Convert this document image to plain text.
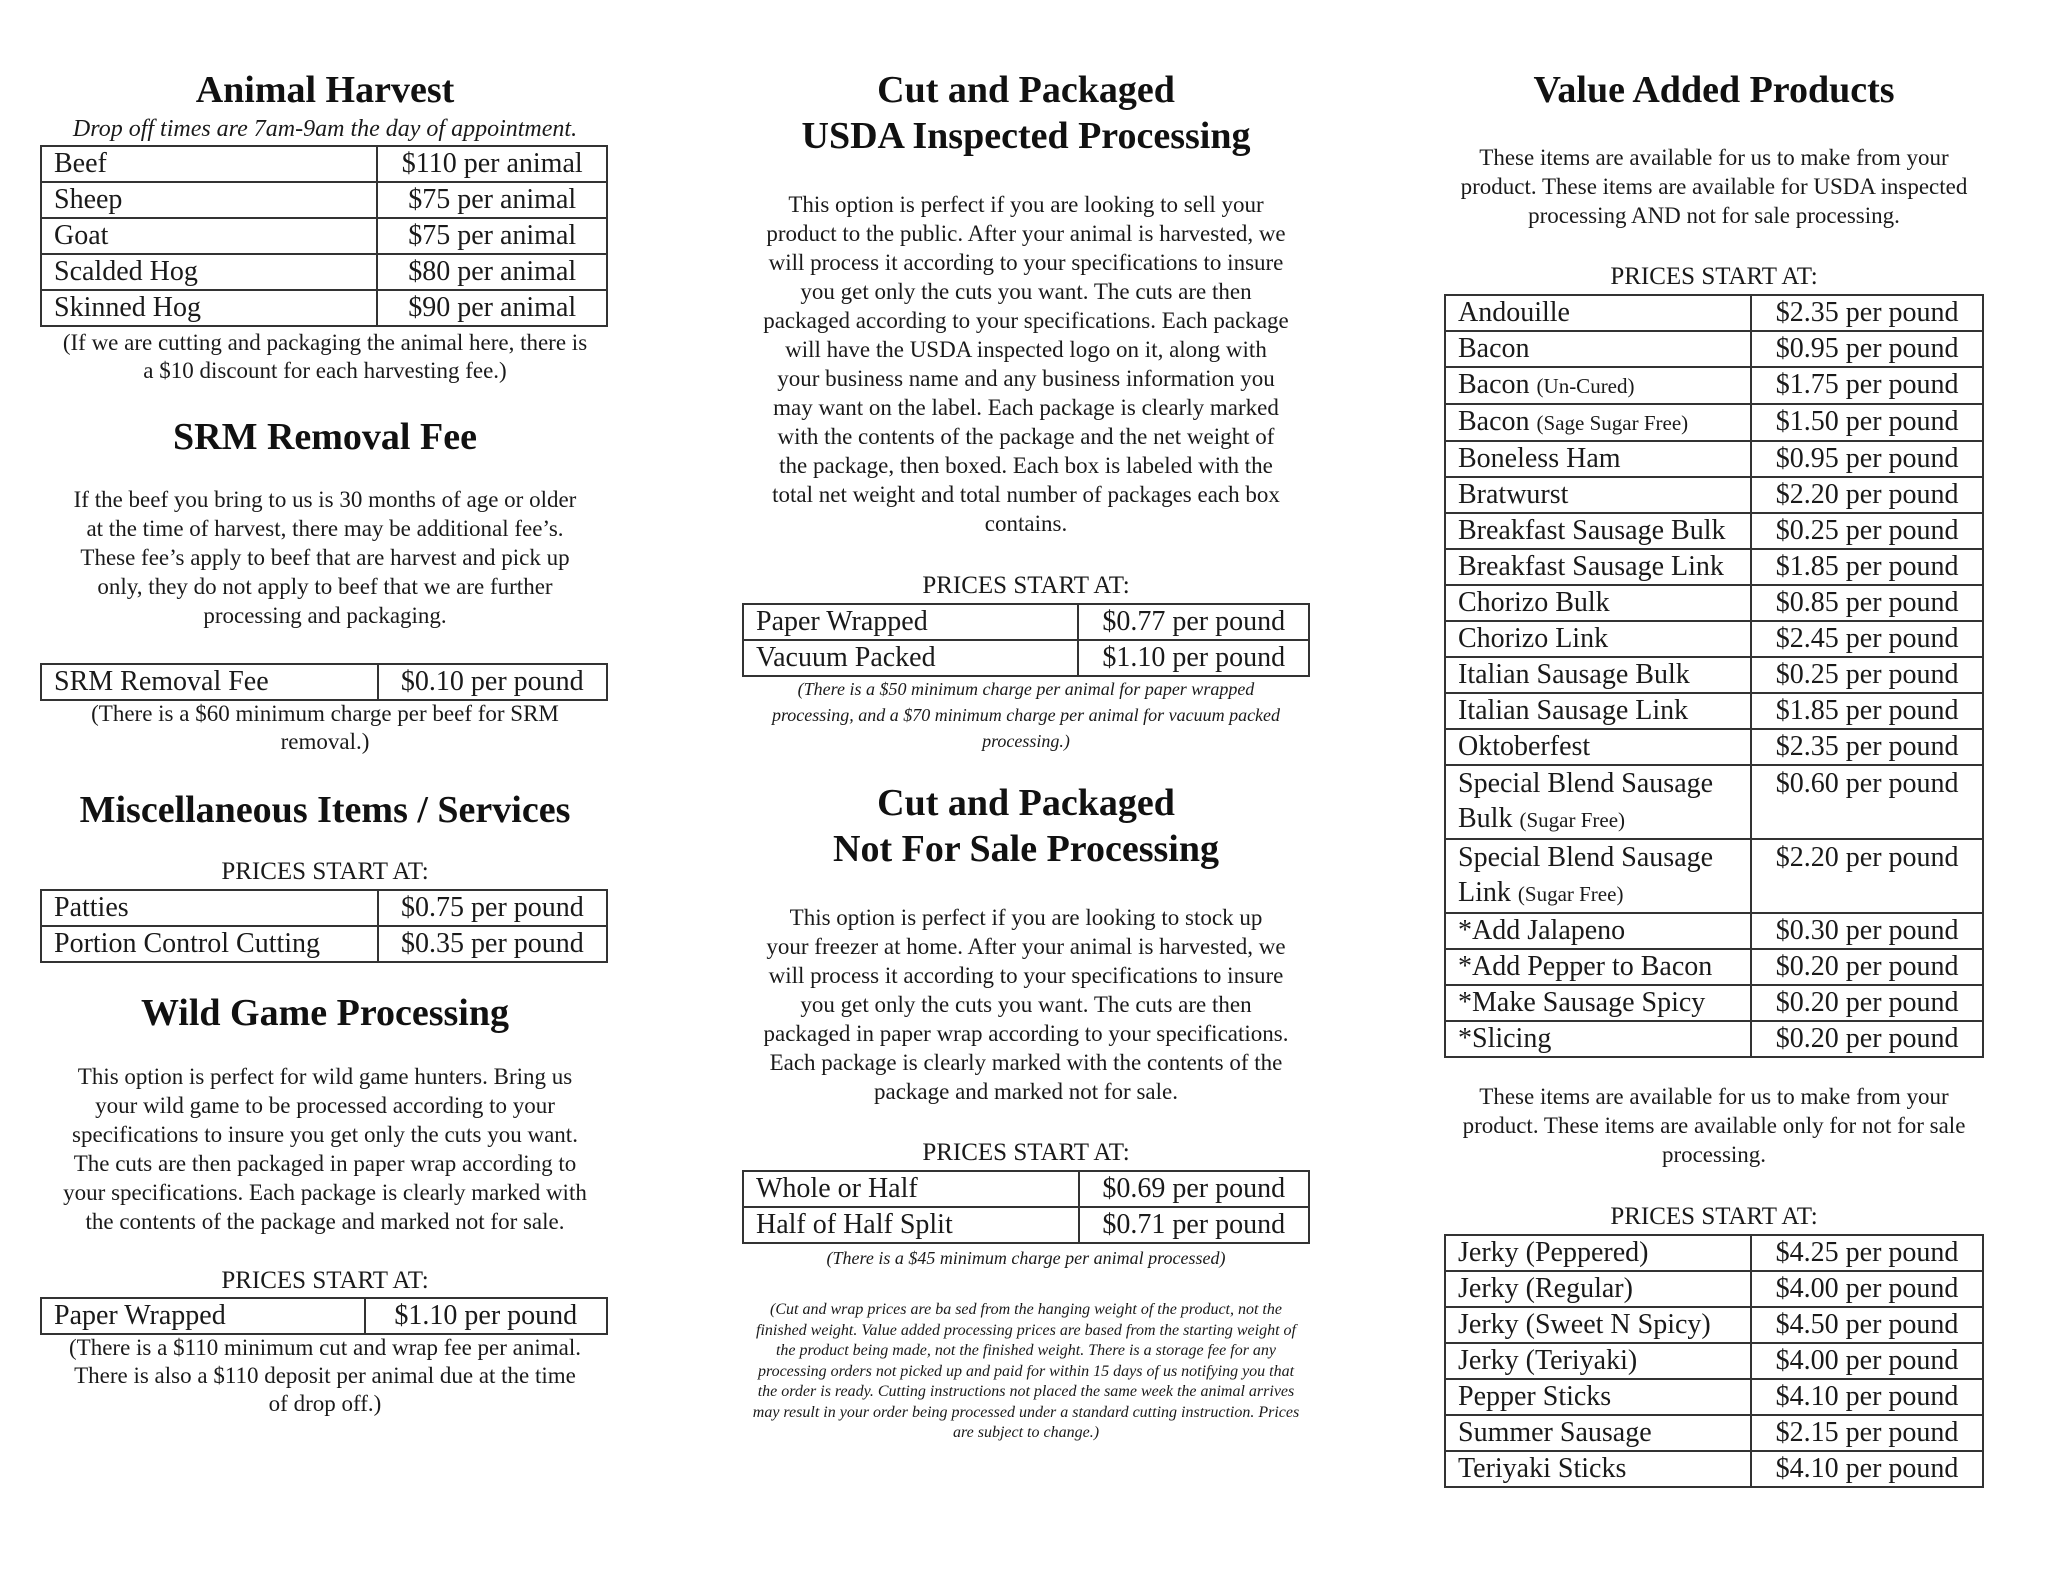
Animal Harvest
Drop off times are 7am-9am the day of appointment.
Beef	$110 per animal
Sheep	$75 per animal
Goat	$75 per animal
Scalded Hog	$80 per animal
Skinned Hog	$90 per animal
(If we are cutting and packaging the animal here, there is
a $10 discount for each harvesting fee.)
SRM Removal Fee
If the beef you bring to us is 30 months of age or older
at the time of harvest, there may be additional fee’s.
These fee’s apply to beef that are harvest and pick up
only, they do not apply to beef that we are further
processing and packaging.
SRM Removal Fee	$0.10 per pound
(There is a $60 minimum charge per beef for SRM
removal.)
Miscellaneous Items / Services
PRICES START AT:
Patties	$0.75 per pound
Portion Control Cutting	$0.35 per pound
Wild Game Processing
This option is perfect for wild game hunters. Bring us
your wild game to be processed according to your
specifications to insure you get only the cuts you want.
The cuts are then packaged in paper wrap according to
your specifications. Each package is clearly marked with
the contents of the package and marked not for sale.
PRICES START AT:
Paper Wrapped	$1.10 per pound
(There is a $110 minimum cut and wrap fee per animal.
There is also a $110 deposit per animal due at the time
of drop off.)
Cut and Packaged
USDA Inspected Processing
This option is perfect if you are looking to sell your
product to the public. After your animal is harvested, we
will process it according to your specifications to insure
you get only the cuts you want. The cuts are then
packaged according to your specifications. Each package
will have the USDA inspected logo on it, along with
your business name and any business information you
may want on the label. Each package is clearly marked
with the contents of the package and the net weight of
the package, then boxed. Each box is labeled with the
total net weight and total number of packages each box
contains.
PRICES START AT:
Paper Wrapped	$0.77 per pound
Vacuum Packed	$1.10 per pound
(There is a $50 minimum charge per animal for paper wrapped
processing, and a $70 minimum charge per animal for vacuum packed
processing.)
Cut and Packaged
Not For Sale Processing
This option is perfect if you are looking to stock up
your freezer at home. After your animal is harvested, we
will process it according to your specifications to insure
you get only the cuts you want. The cuts are then
packaged in paper wrap according to your specifications.
Each package is clearly marked with the contents of the
package and marked not for sale.
PRICES START AT:
Whole or Half	$0.69 per pound
Half of Half Split	$0.71 per pound
(There is a $45 minimum charge per animal processed)
(Cut and wrap prices are ba sed from the hanging weight of the product, not the
finished weight. Value added processing prices are based from the starting weight of
the product being made, not the finished weight. There is a storage fee for any
processing orders not picked up and paid for within 15 days of us notifying you that
the order is ready. Cutting instructions not placed the same week the animal arrives
may result in your order being processed under a standard cutting instruction. Prices
are subject to change.)
Value Added Products
These items are available for us to make from your
product. These items are available for USDA inspected
processing AND not for sale processing.
PRICES START AT:
Andouille	$2.35 per pound
Bacon	$0.95 per pound
Bacon (Un-Cured)	$1.75 per pound
Bacon (Sage Sugar Free)	$1.50 per pound
Boneless Ham	$0.95 per pound
Bratwurst	$2.20 per pound
Breakfast Sausage Bulk	$0.25 per pound
Breakfast Sausage Link	$1.85 per pound
Chorizo Bulk	$0.85 per pound
Chorizo Link	$2.45 per pound
Italian Sausage Bulk	$0.25 per pound
Italian Sausage Link	$1.85 per pound
Oktoberfest	$2.35 per pound
Special Blend Sausage Bulk (Sugar Free)	$0.60 per pound
Special Blend Sausage Link (Sugar Free)	$2.20 per pound
*Add Jalapeno	$0.30 per pound
*Add Pepper to Bacon	$0.20 per pound
*Make Sausage Spicy	$0.20 per pound
*Slicing	$0.20 per pound
These items are available for us to make from your
product. These items are available only for not for sale
processing.
PRICES START AT:
Jerky (Peppered)	$4.25 per pound
Jerky (Regular)	$4.00 per pound
Jerky (Sweet N Spicy)	$4.50 per pound
Jerky (Teriyaki)	$4.00 per pound
Pepper Sticks	$4.10 per pound
Summer Sausage	$2.15 per pound
Teriyaki Sticks	$4.10 per pound
